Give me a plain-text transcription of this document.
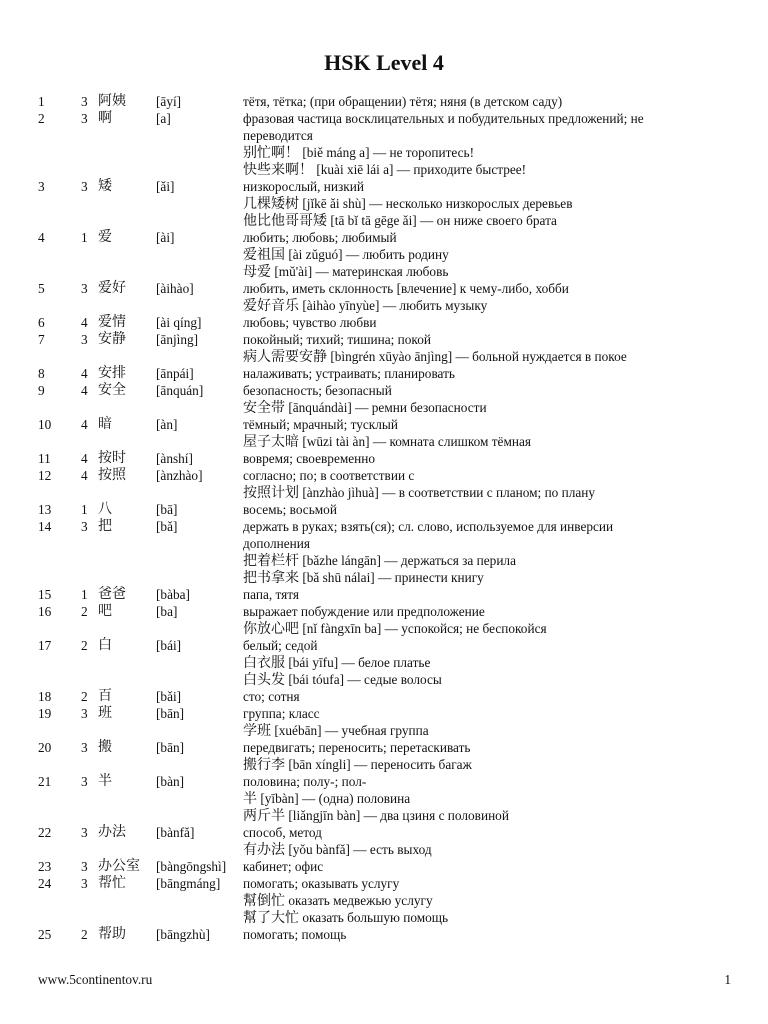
HSK Level 4
1	3 阿姨 [āyí]	тётя, тётка; (при обращении) тётя; няня (в детском саду)
2	3 啊	[a]	фразовая частица восклицательных и побудительных предложений; не
переводится
别忙啊！ [biě máng a] — не торопитесь!
快些来啊！ [kuài xiē lái a] — приходите быстрее!
3	3 矮	[ǎi]	низкорослый, низкий
几棵矮树 [jǐkē ǎi shù] — несколько низкорослых деревьев
他比他哥哥矮 [tā bǐ tā gēge ǎi] — он ниже своего брата
4	1 爱	[ài]	любить; любовь; любимый
爱祖国 [ài zǔguó] — любить родину
母爱 [mǔ'ài] — материнская любовь
5	3 爱好 [àihào]	любить, иметь склонность [влечение] к чему-либо, хобби
爱好音乐 [àihào yīnyùe] — любить музыку
6	4 爱情 [ài qíng]	любовь; чувство любви
7	3 安静 [ānjìng]	покойный; тихий; тишина; покой
病人需要安静 [bìngrén xūyào ānjìng] — больной нуждается в покое
8	4 安排 [ānpái]	налаживать; устраивать; планировать
9	4 安全 [ānquán]	безопасность; безопасный
安全带 [ānquándài] — ремни безопасности
10	4 暗	[àn]	тёмный; мрачный; тусклый
屋子太暗 [wūzi tài àn] — комната слишком тёмная
11	4 按时 [ànshí]	вовремя; своевременно
12	4 按照 [ànzhào]	согласно; по; в соответствии с
按照计划 [ànzhào jìhuà] — в соответствии с планом; по плану
13	1 八	[bā]	восемь; восьмой
14	3 把	[bǎ]	держать в руках; взять(ся); сл. слово, используемое для инверсии
дополнения
把着栏杆 [bǎzhe lángān] — держаться за перила
把书拿来 [bǎ shū nálai] — принести книгу
15	1 爸爸 [bàba]	папа, тятя
16	2 吧	[ba]	выражает побуждение или предположение
你放心吧 [nǐ fàngxīn ba] — успокойся; не беспокойся
17	2 白	[bái]	белый; седой
白衣服 [bái yīfu] — белое платье
白头发 [bái tóufa] — седые волосы
18	2 百	[bǎi]	сто; сотня
19	3 班	[bān]	группа; класс
学班 [xuébān] — учебная группа
20	3 搬	[bān]	передвигать; переносить; перетаскивать
搬行李 [bān xíngli] — переносить багаж
21	3 半	[bàn]	половина; полу-; пол-
半 [yībàn] — (одна) половина
两斤半 [liǎngjīn bàn] — два цзиня с половиной
22	3 办法 [bànfǎ]	способ, метод
有办法 [yǒu bànfǎ] — есть выход
23	3 办公室 [bàngōngshì] кабинет; офис
24	3 帮忙 [bāngmáng] помогать; оказывать услугу
幫倒忙 оказать медвежью услугу
幫了大忙 оказать большую помощь
25	2 帮助 [bāngzhù] помогать; помощь
www.5continentov.ru	1
